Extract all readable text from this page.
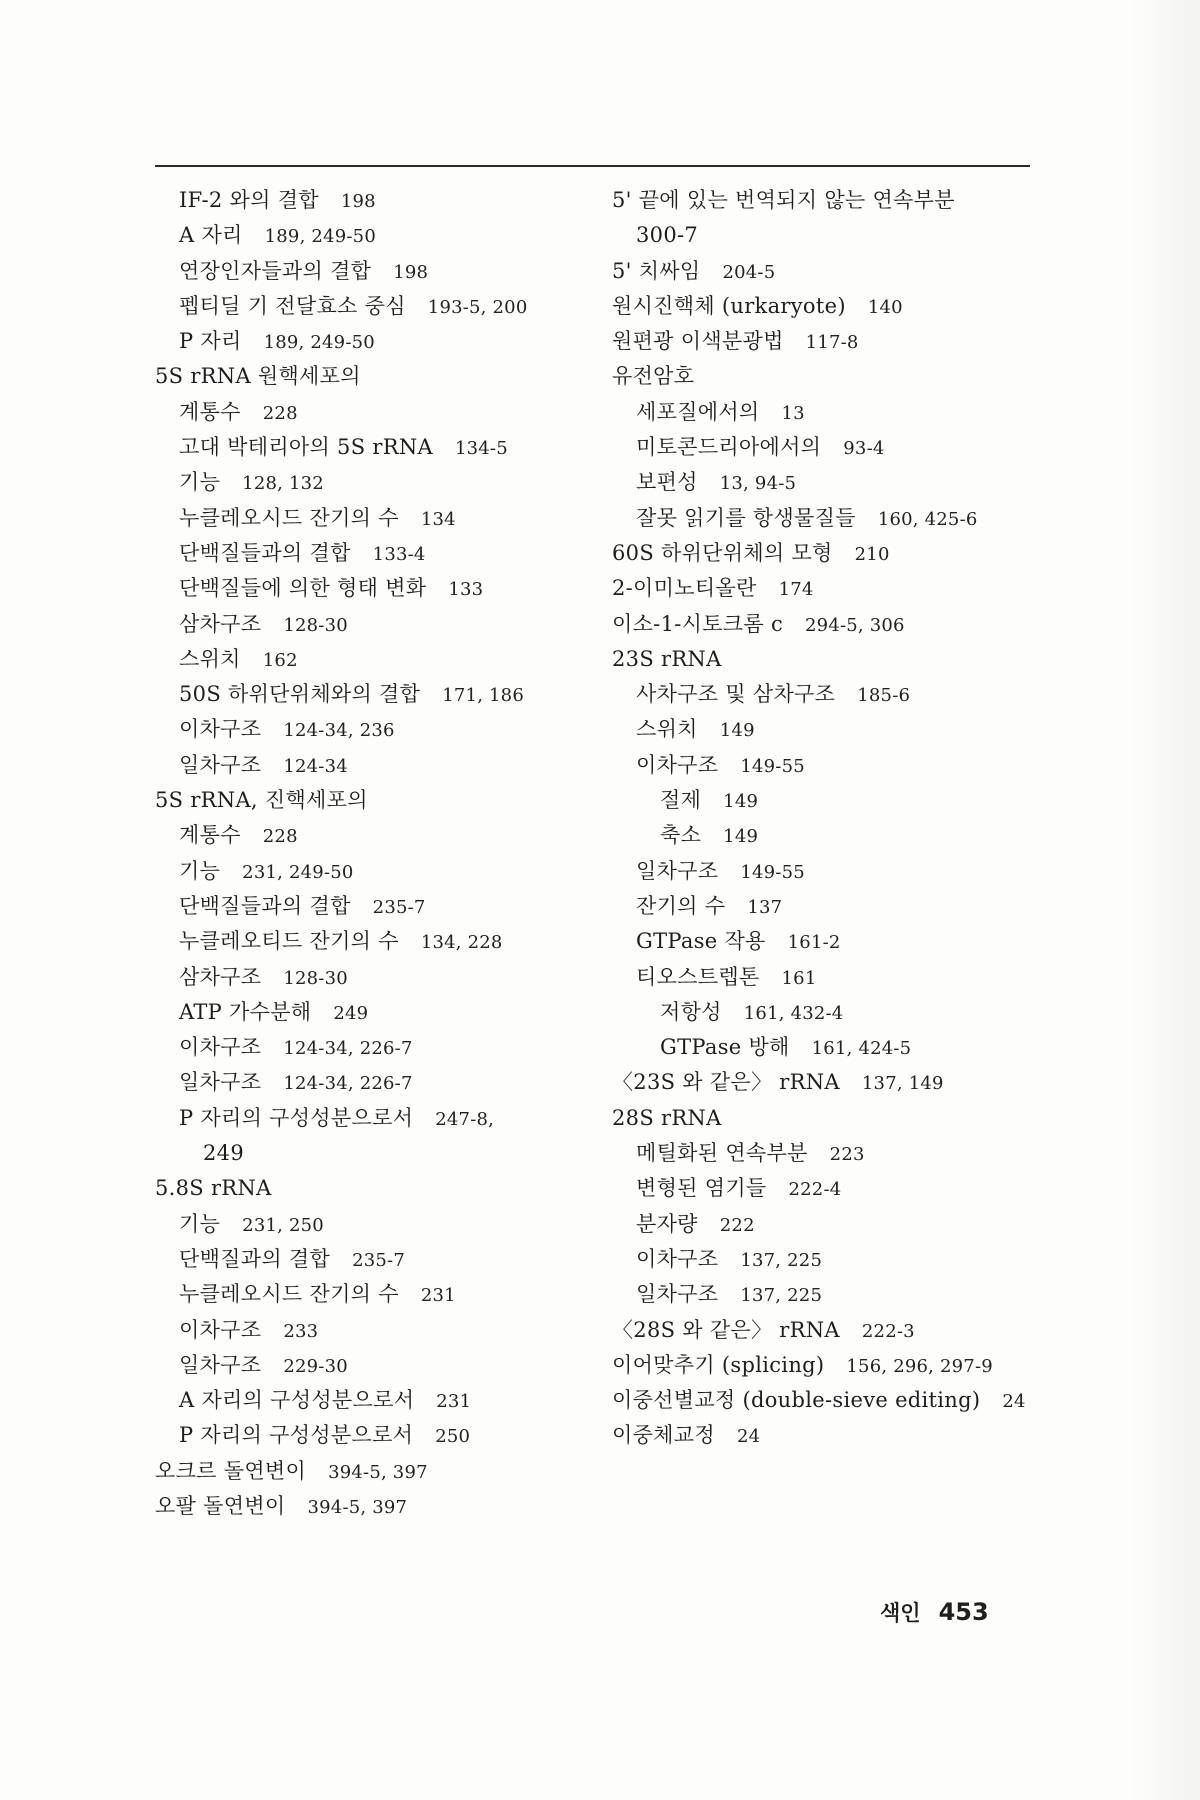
IF-2 와의 결합 198
A 자리 189, 249-50
연장인자들과의 결합 198
펩티딜 기 전달효소 중심 193-5, 200
P 자리 189, 249-50
5S rRNA 원핵세포의
계통수 228
고대 박테리아의 5S rRNA 134-5
기능 128, 132
누클레오시드 잔기의 수 134
단백질들과의 결합 133-4
단백질들에 의한 형태 변화 133
삼차구조 128-30
스위치 162
50S 하위단위체와의 결합 171, 186
이차구조 124-34, 236
일차구조 124-34
5S rRNA, 진핵세포의
계통수 228
기능 231, 249-50
단백질들과의 결합 235-7
누클레오티드 잔기의 수 134, 228
삼차구조 128-30
ATP 가수분해 249
이차구조 124-34, 226-7
일차구조 124-34, 226-7
P 자리의 구성성분으로서 247-8,
249
5.8S rRNA
기능 231, 250
단백질과의 결합 235-7
누클레오시드 잔기의 수 231
이차구조 233
일차구조 229-30
A 자리의 구성성분으로서 231
P 자리의 구성성분으로서 250
오크르 돌연변이 394-5, 397
오팔 돌연변이 394-5, 397
5' 끝에 있는 번역되지 않는 연속부분
300-7
5' 치싸임 204-5
원시진핵체 (urkaryote) 140
원편광 이색분광법 117-8
유전암호
세포질에서의 13
미토콘드리아에서의 93-4
보편성 13, 94-5
잘못 읽기를 항생물질들 160, 425-6
60S 하위단위체의 모형 210
2-이미노티올란 174
이소-1-시토크롬 c 294-5, 306
23S rRNA
사차구조 및 삼차구조 185-6
스위치 149
이차구조 149-55
절제 149
축소 149
일차구조 149-55
잔기의 수 137
GTPase 작용 161-2
티오스트렙톤 161
저항성 161, 432-4
GTPase 방해 161, 424-5
〈23S 와 같은〉 rRNA 137, 149
28S rRNA
메틸화된 연속부분 223
변형된 염기들 222-4
분자량 222
이차구조 137, 225
일차구조 137, 225
〈28S 와 같은〉 rRNA 222-3
이어맞추기 (splicing) 156, 296, 297-9
이중선별교정 (double-sieve editing) 24
이중체교정 24
색인 453
